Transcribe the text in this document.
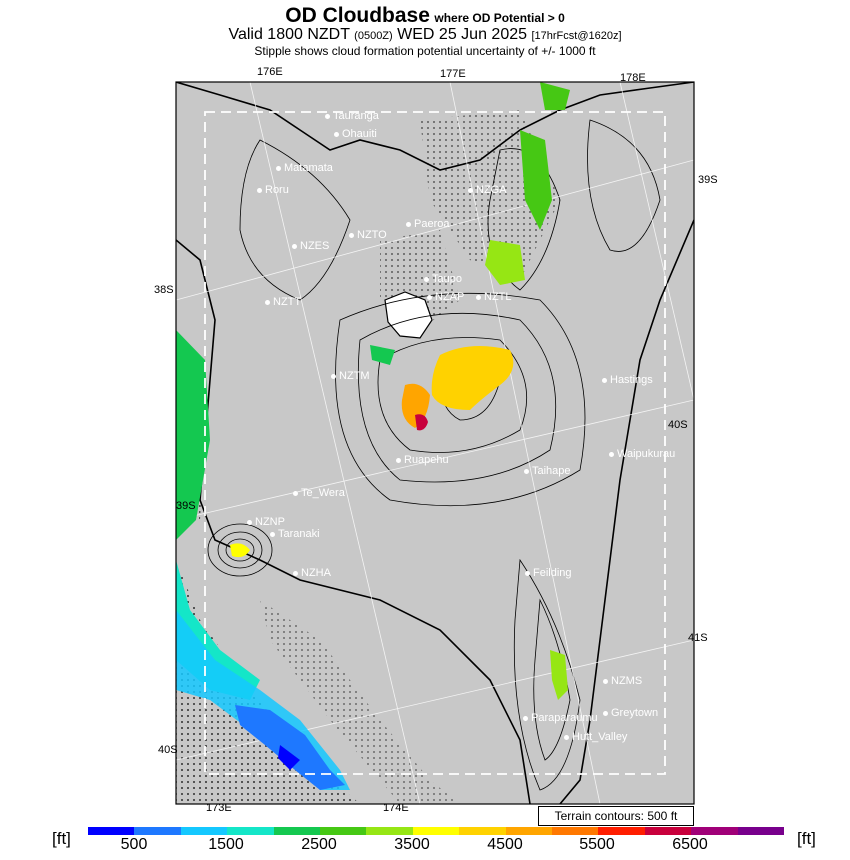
OD Cloudbase where OD Potential > 0
Valid 1800 NZDT (0500Z) WED 25 Jun 2025 [17hrFcst@1620z]
Stipple shows cloud formation potential uncertainty of +/- 1000 ft
176E	177E	178E
173E	174E
39S
38S
40S
39S
41S
40S
Tauranga
Ohauiti
Matamata
Roru	NZGA
NZTO
Paeroa
NZES
Taupo
NZAP	NZTL
NZTT
NZTM	Hastings
Ruapehu
Taihape
Waipukurau
Te_Wera
NZNP
Taranaki
NZHA	Feilding
NZMS
Paraparaumu	Greytown
Hutt_Valley
Terrain contours: 500 ft
[ft]	[ft]
500	1500	2500	3500	4500	5500	6500
